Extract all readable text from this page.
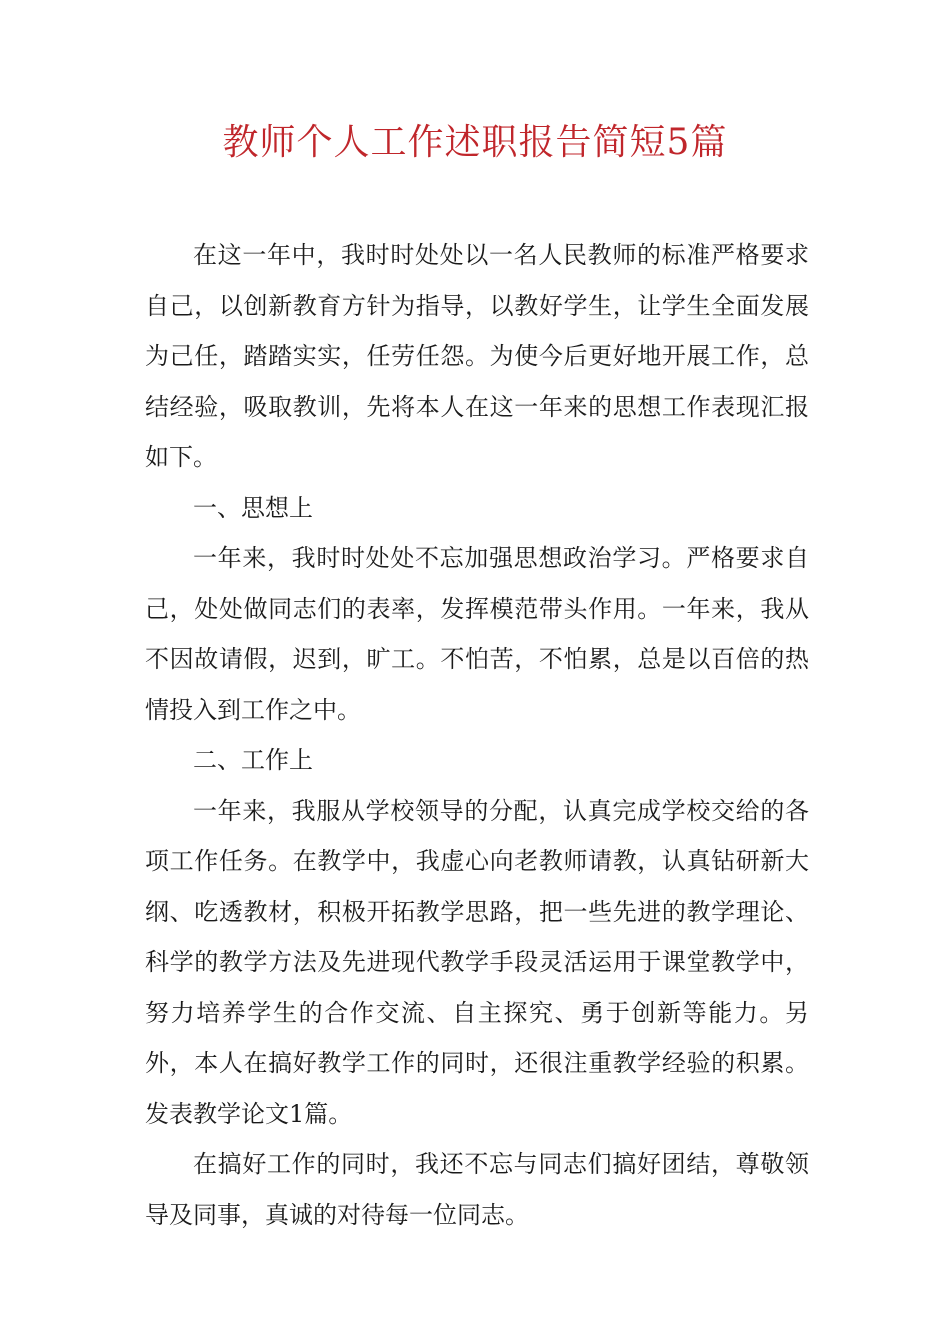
教师个人工作述职报告简短5篇

在这一年中，我时时处处以一名人民教师的标准严格要求自己，以创新教育方针为指导，以教好学生，让学生全面发展为己任，踏踏实实，任劳任怨。为使今后更好地开展工作，总结经验，吸取教训，先将本人在这一年来的思想工作表现汇报如下。

一、思想上

一年来，我时时处处不忘加强思想政治学习。严格要求自己，处处做同志们的表率，发挥模范带头作用。一年来，我从不因故请假，迟到，旷工。不怕苦，不怕累，总是以百倍的热情投入到工作之中。

二、工作上

一年来，我服从学校领导的分配，认真完成学校交给的各项工作任务。在教学中，我虚心向老教师请教，认真钻研新大纲、吃透教材，积极开拓教学思路，把一些先进的教学理论、科学的教学方法及先进现代教学手段灵活运用于课堂教学中，努力培养学生的合作交流、自主探究、勇于创新等能力。另外，本人在搞好教学工作的同时，还很注重教学经验的积累。发表教学论文1篇。

在搞好工作的同时，我还不忘与同志们搞好团结，尊敬领导及同事，真诚的对待每一位同志。
